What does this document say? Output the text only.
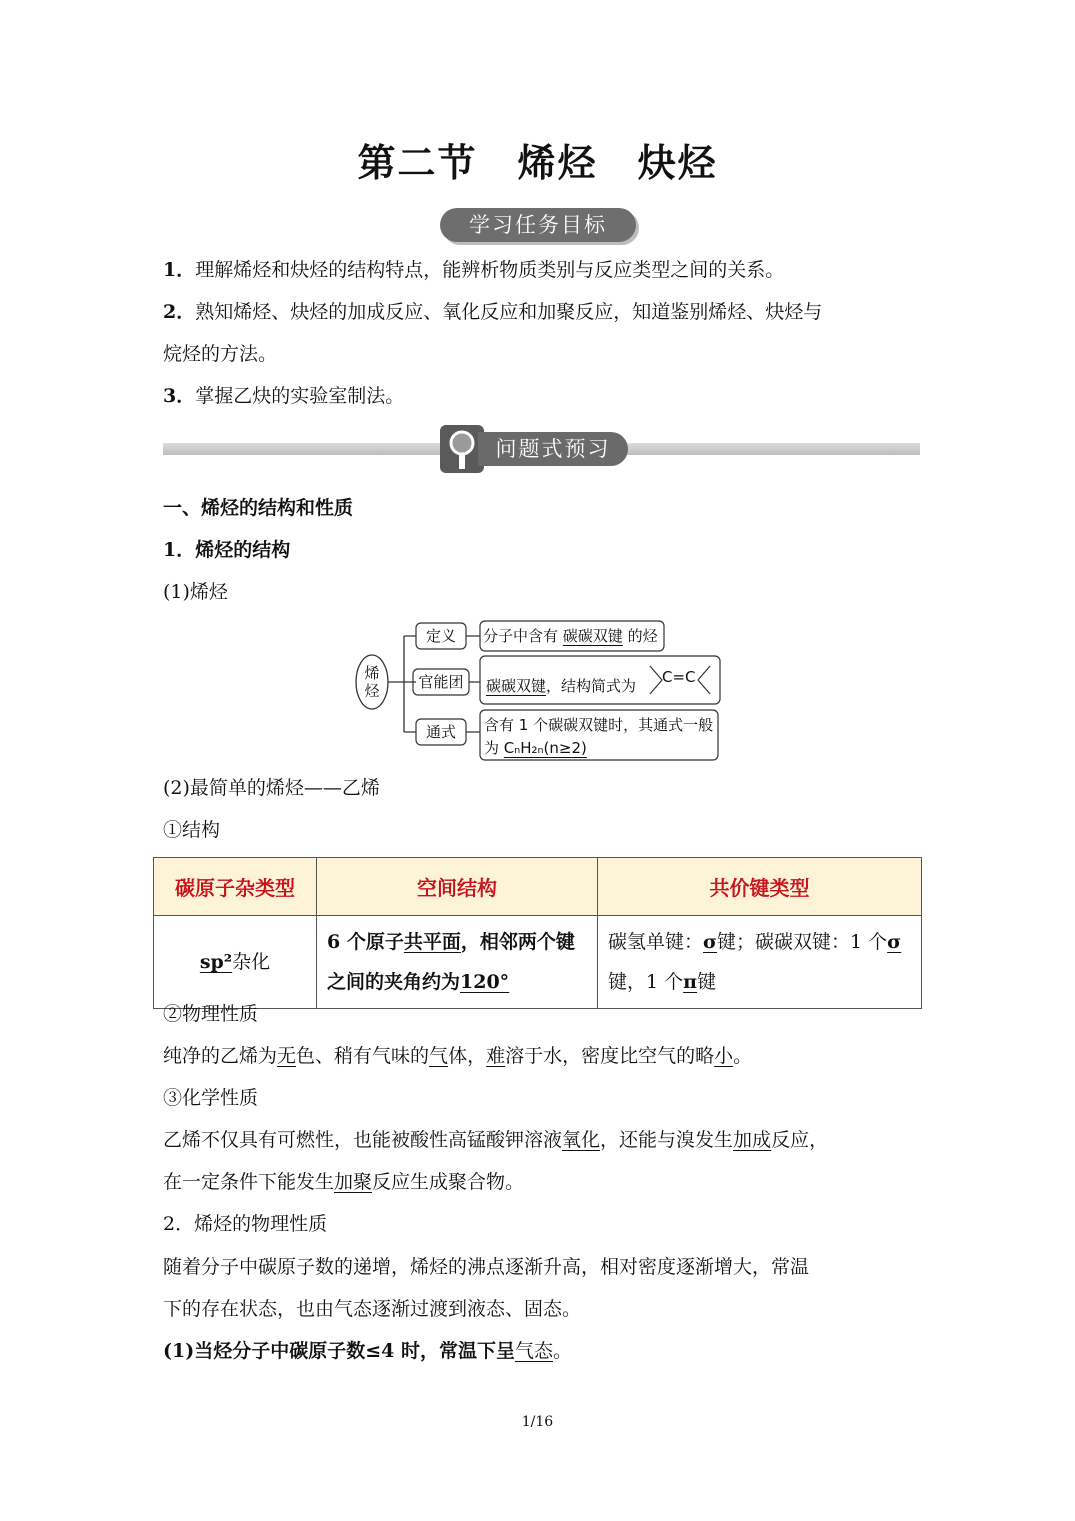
第二节　烯烃　炔烃
学习任务目标
1．理解烯烃和炔烃的结构特点，能辨析物质类别与反应类型之间的关系。
2．熟知烯烃、炔烃的加成反应、氧化反应和加聚反应，知道鉴别烯烃、炔烃与
烷烃的方法。
3．掌握乙炔的实验室制法。
问题式预习
一、烯烃的结构和性质
1．烯烃的结构
(1)烯烃
烯烃
定义
官能团
通式
分子中含有 碳碳双键 的烃
碳碳双键，结构简式为 C=C
含有 1 个碳碳双键时，其通式一般
为 CₙH₂ₙ(n≥2)
(2)最简单的烯烃——乙烯
①结构
碳原子杂类型	空间结构	共价键类型
sp²杂化	6 个原子共平面，相邻两个键之间的夹角约为120°	碳氢单键：σ键；碳碳双键：1 个σ键，1 个π键
②物理性质
纯净的乙烯为无色、稍有气味的气体，难溶于水，密度比空气的略小。
③化学性质
乙烯不仅具有可燃性，也能被酸性高锰酸钾溶液氧化，还能与溴发生加成反应，
在一定条件下能发生加聚反应生成聚合物。
2．烯烃的物理性质
随着分子中碳原子数的递增，烯烃的沸点逐渐升高，相对密度逐渐增大，常温
下的存在状态，也由气态逐渐过渡到液态、固态。
(1)当烃分子中碳原子数≤4 时，常温下呈气态。
1/16
